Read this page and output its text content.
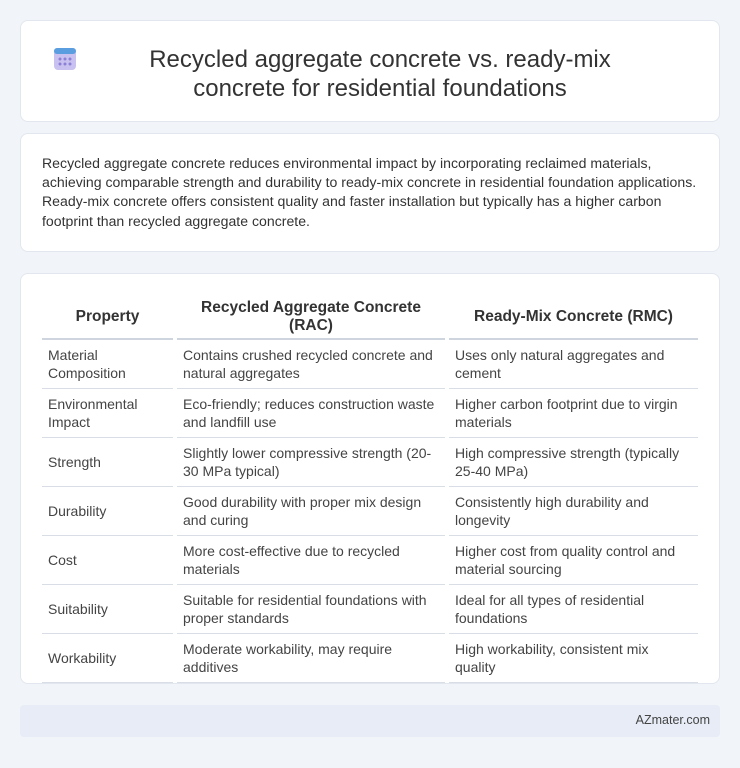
Recycled aggregate concrete vs. ready-mix concrete for residential foundations

Recycled aggregate concrete reduces environmental impact by incorporating reclaimed materials, achieving comparable strength and durability to ready-mix concrete in residential foundation applications. Ready-mix concrete offers consistent quality and faster installation but typically has a higher carbon footprint than recycled aggregate concrete.

Property	Recycled Aggregate Concrete (RAC)	Ready-Mix Concrete (RMC)
Material Composition	Contains crushed recycled concrete and natural aggregates	Uses only natural aggregates and cement
Environmental Impact	Eco-friendly; reduces construction waste and landfill use	Higher carbon footprint due to virgin materials
Strength	Slightly lower compressive strength (20-30 MPa typical)	High compressive strength (typically 25-40 MPa)
Durability	Good durability with proper mix design and curing	Consistently high durability and longevity
Cost	More cost-effective due to recycled materials	Higher cost from quality control and material sourcing
Suitability	Suitable for residential foundations with proper standards	Ideal for all types of residential foundations
Workability	Moderate workability, may require additives	High workability, consistent mix quality
AZmater.com
